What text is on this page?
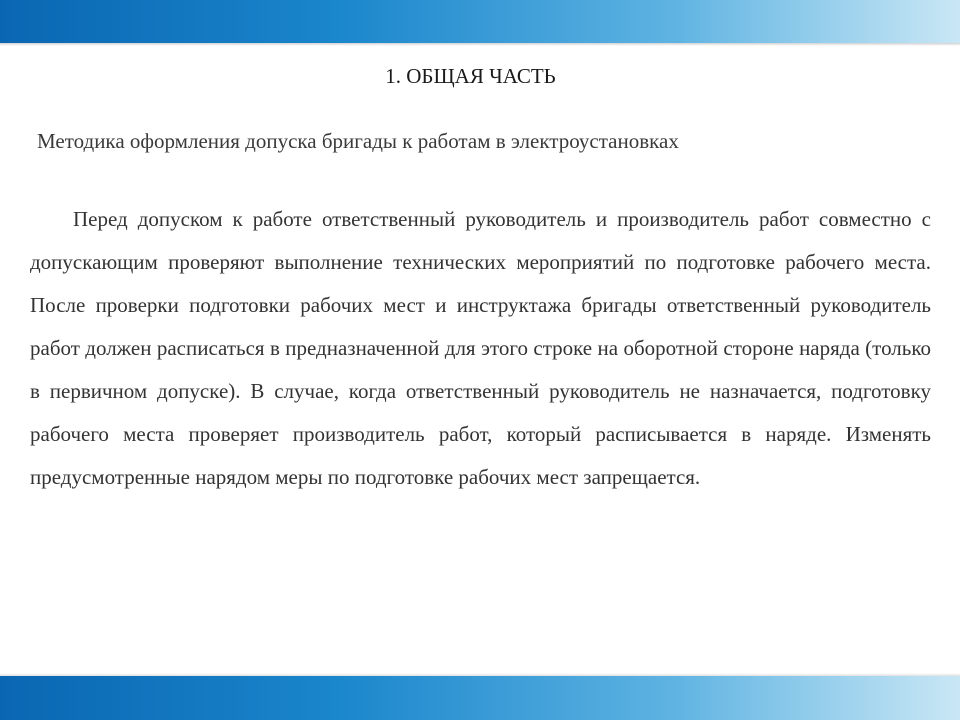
1. ОБЩАЯ ЧАСТЬ
Методика оформления допуска бригады к работам в электроустановках

Перед допуском к работе ответственный руководитель и производитель работ совместно с допускающим проверяют выполнение технических мероприятий по подготовке рабочего места. После проверки подготовки рабочих мест и инструктажа бригады ответственный руководитель работ должен расписаться в предназначенной для этого строке на оборотной стороне наряда (только в первичном допуске). В случае, когда ответственный руководитель не назначается, подготовку рабочего места проверяет производитель работ, который расписывается в наряде. Изменять предусмотренные нарядом меры по подготовке рабочих мест запрещается.
